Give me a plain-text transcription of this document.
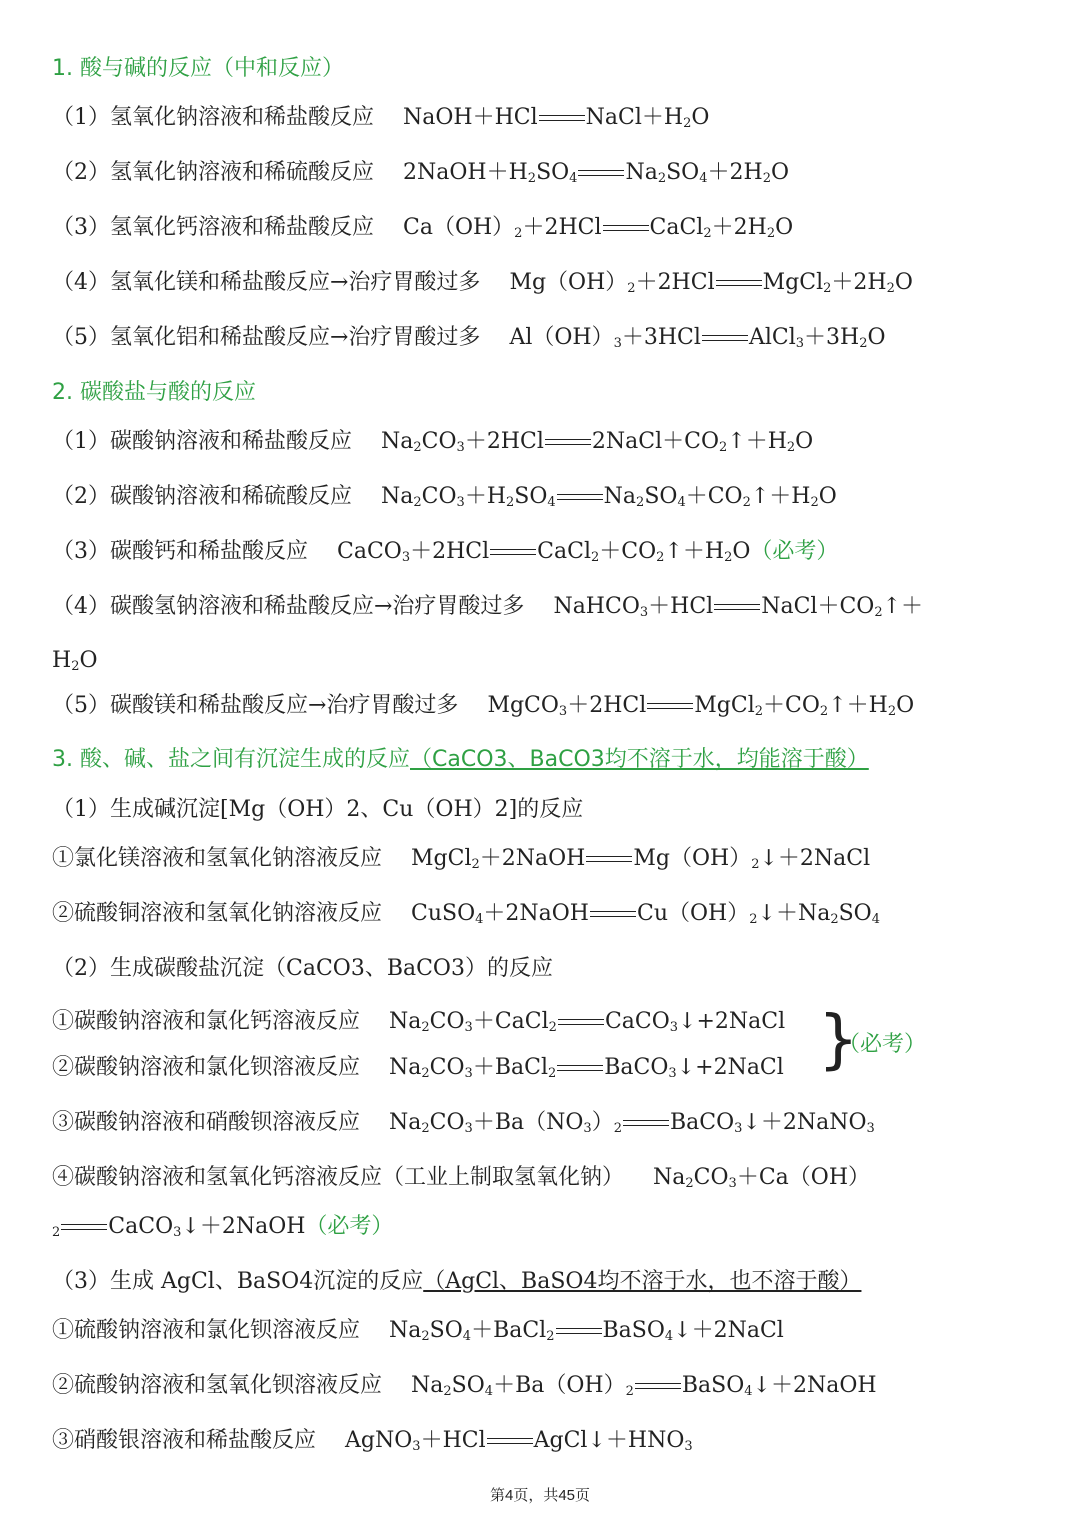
1. 酸与碱的反应（中和反应）
（1）氢氧化钠溶液和稀盐酸反应 NaOH＋HCl $NaCl+H_2O$
（2）氢氧化钠溶液和稀硫酸反应 $2NaOH+H_2SO_4$ $Na_2SO_4+2H_2O$
（3）氢氧化钙溶液和稀盐酸反应 $Ca(OH)_2+2HCl$ $CaCl_2+2H_2O$
（4）氢氧化镁和稀盐酸反应→治疗胃酸过多 $Mg(OH)_2+2HCl$ $MgCl_2+2H_2O$
（5）氢氧化铝和稀盐酸反应→治疗胃酸过多 $Al(OH)_3+3HCl$ $AlCl_3+3H_2O$
2. 碳酸盐与酸的反应
（1）碳酸钠溶液和稀盐酸反应 $Na_2CO_3+2HCl$ $2NaCl+CO_2↑+H_2O$
（2）碳酸钠溶液和稀硫酸反应 $Na_2CO_3+H_2SO_4$ $Na_2SO_4+CO_2↑+H_2O$
（3）碳酸钙和稀盐酸反应 CaCO$_3$＋2HCl $CaCl_2+CO_2↑+H_2O$（必考）
（4）碳酸氢钠溶液和稀盐酸反应→治疗胃酸过多 NaHCO$_3$＋HCl $NaCl+CO_2↑+$
$H_2O$
（5）碳酸镁和稀盐酸反应→治疗胃酸过多 MgCO$_3$＋2HCl $MgCl_2+CO_2↑+H_2O$
3. 酸、碱、盐之间有沉淀生成的反应（CaCO3、BaCO3均不溶于水，均能溶于酸）
（1）生成碱沉淀[Mg（OH）2、Cu（OH）2]的反应
①氯化镁溶液和氢氧化钠溶液反应 MgCl$_2$＋2NaOH $Mg(OH)_2↓+2NaCl$
②硫酸铜溶液和氢氧化钠溶液反应 CuSO$_4$＋2NaOH $Cu(OH)_2↓+Na_2SO_4$
（2）生成碳酸盐沉淀（CaCO3、BaCO3）的反应
①碳酸钠溶液和氯化钙溶液反应 $Na_2CO_3+CaCl_2$ CaCO$_3$↓+2NaCl
②碳酸钠溶液和氯化钡溶液反应 $Na_2CO_3+BaCl_2$ BaCO$_3$↓+2NaCl }
（必考）
③碳酸钠溶液和硝酸钡溶液反应 $Na_2CO_3+Ba(NO_3)_2$ BaCO$_3$↓＋2NaNO$_3$
④碳酸钠溶液和氢氧化钙溶液反应（工业上制取氢氧化钠） $Na_2CO_3+Ca(OH)$
$_2$ CaCO$_3$↓＋2NaOH（必考）
（3）生成 AgCl、BaSO4沉淀的反应（AgCl、BaSO4均不溶于水，也不溶于酸）
①硫酸钠溶液和氯化钡溶液反应 $Na_2SO_4+BaCl_2$ BaSO$_4$↓＋2NaCl
②硫酸钠溶液和氢氧化钡溶液反应 $Na_2SO_4+Ba(OH)_2$ BaSO$_4$↓＋2NaOH
③硝酸银溶液和稀盐酸反应 AgNO$_3$＋HCl $AgCl↓+HNO_3$
第4页，共45页
